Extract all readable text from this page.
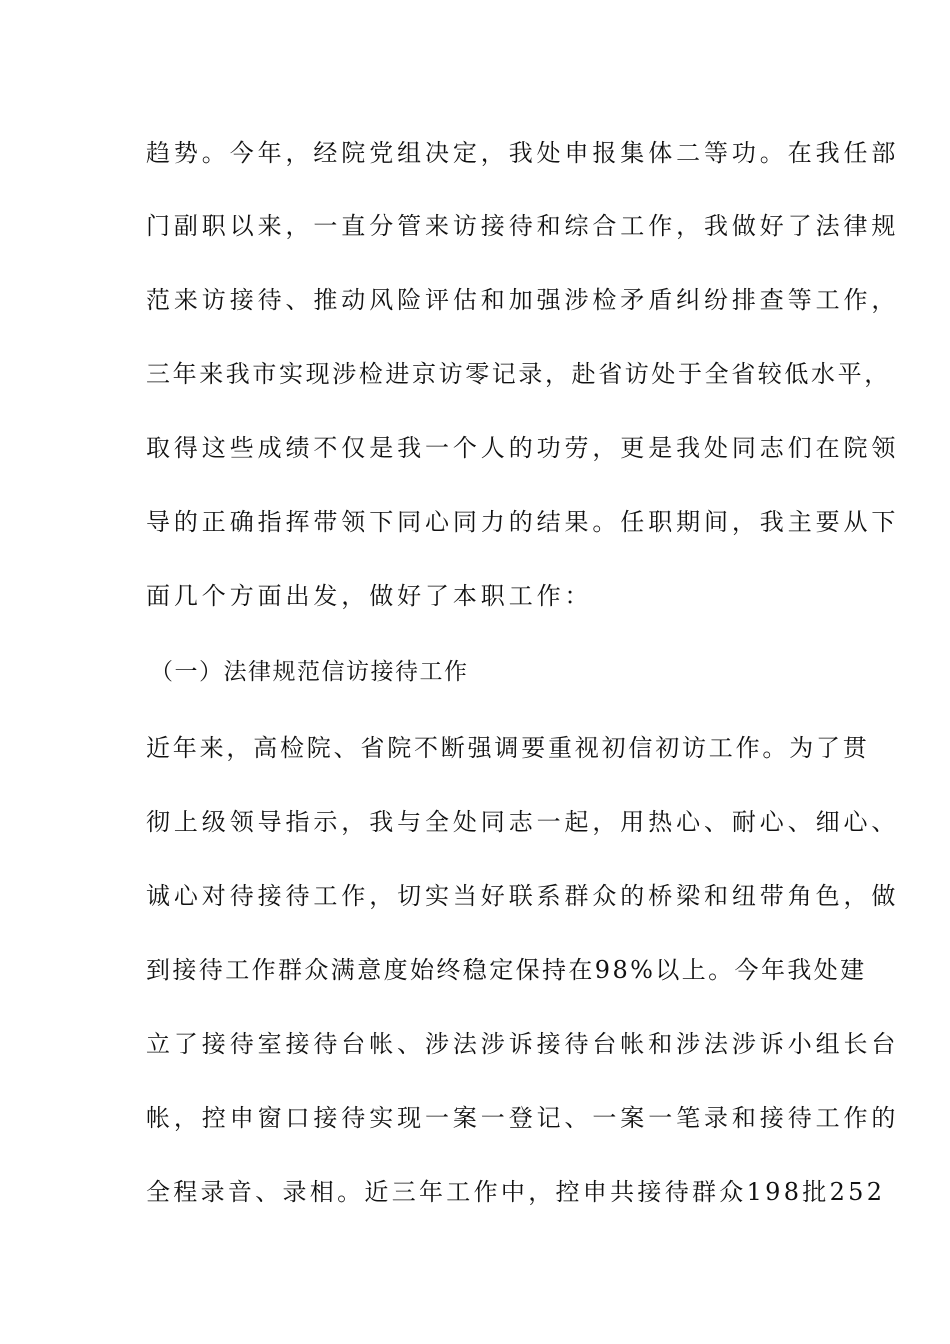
趋势。今年，经院党组决定，我处申报集体二等功。在我任部
门副职以来，一直分管来访接待和综合工作，我做好了法律规
范来访接待、推动风险评估和加强涉检矛盾纠纷排查等工作，
三年来我市实现涉检进京访零记录，赴省访处于全省较低水平，
取得这些成绩不仅是我一个人的功劳，更是我处同志们在院领
导的正确指挥带领下同心同力的结果。任职期间，我主要从下
面几个方面出发，做好了本职工作：
（一）法律规范信访接待工作
近年来，高检院、省院不断强调要重视初信初访工作。为了贯
彻上级领导指示，我与全处同志一起，用热心、耐心、细心、
诚心对待接待工作，切实当好联系群众的桥梁和纽带角色，做
到接待工作群众满意度始终稳定保持在98%以上。今年我处建
立了接待室接待台帐、涉法涉诉接待台帐和涉法涉诉小组长台
帐，控申窗口接待实现一案一登记、一案一笔录和接待工作的
全程录音、录相。近三年工作中，控申共接待群众198批252
